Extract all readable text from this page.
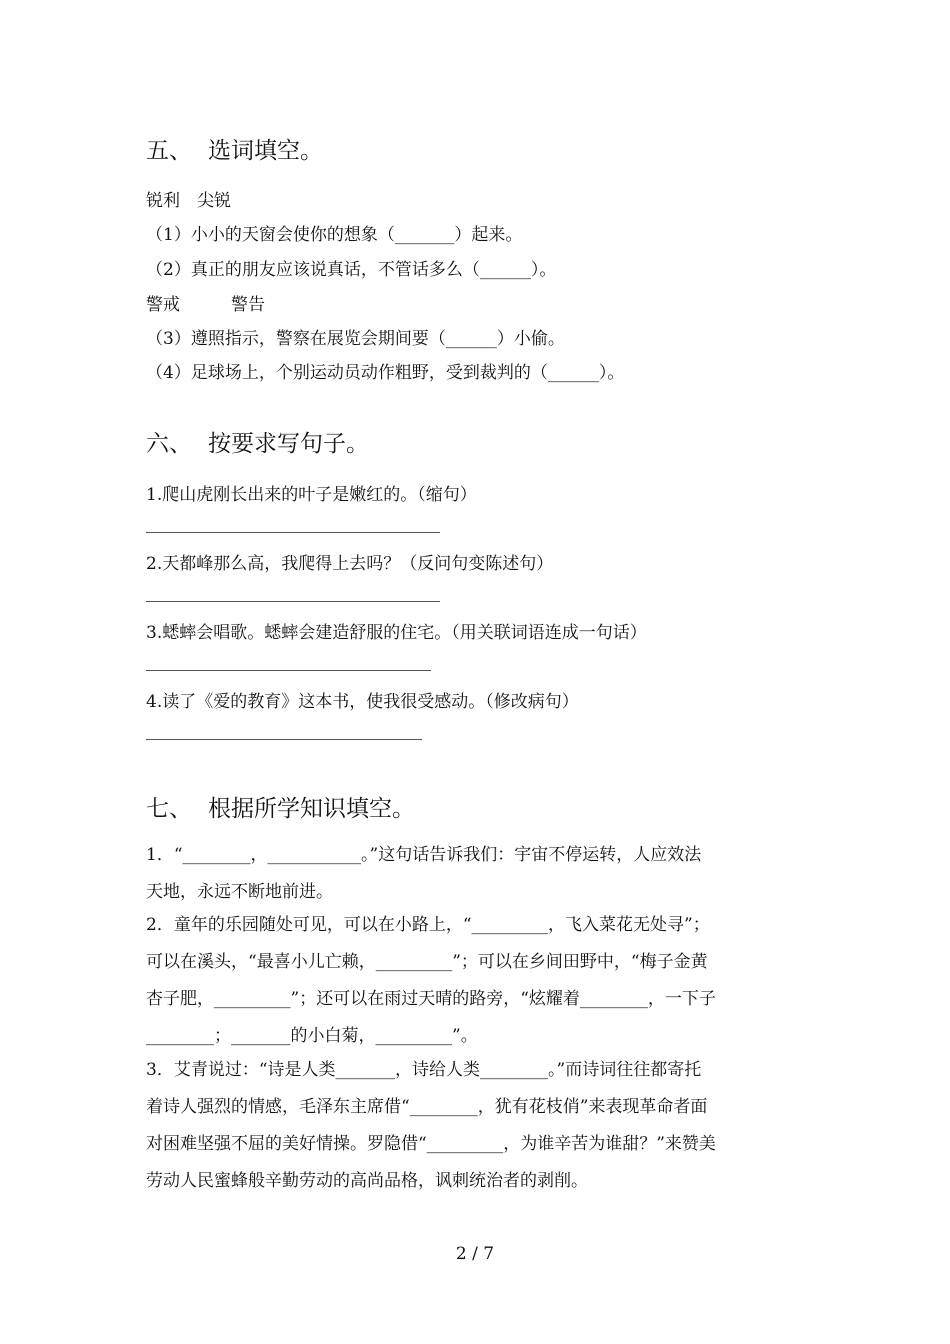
五、 选词填空。
锐利　尖锐
（1）小小的天窗会使你的想象（_______）起来。
（2）真正的朋友应该说真话，不管话多么（______）。
警戒　　　警告
（3）遵照指示，警察在展览会期间要（______）小偷。
（4）足球场上，个别运动员动作粗野，受到裁判的（______）。
六、 按要求写句子。
1.爬山虎刚长出来的叶子是嫩红的。（缩句）
2.天都峰那么高，我爬得上去吗？（反问句变陈述句）
3.蟋蟀会唱歌。蟋蟀会建造舒服的住宅。（用关联词语连成一句话）
4.读了《爱的教育》这本书，使我很受感动。（修改病句）
七、 根据所学知识填空。
1．“________，___________。”这句话告诉我们：宇宙不停运转，人应效法
天地，永远不断地前进。
2．童年的乐园随处可见，可以在小路上，“_________，飞入菜花无处寻”；
可以在溪头，“最喜小儿亡赖，_________”；可以在乡间田野中，“梅子金黄
杏子肥，_________”；还可以在雨过天晴的路旁，“炫耀着________，一下子
________；_______的小白菊，_________”。
3．艾青说过：“诗是人类_______，诗给人类________。”而诗词往往都寄托
着诗人强烈的情感，毛泽东主席借“________，犹有花枝俏”来表现革命者面
对困难坚强不屈的美好情操。罗隐借“_________，为谁辛苦为谁甜？”来赞美
劳动人民蜜蜂般辛勤劳动的高尚品格，讽刺统治者的剥削。
2 / 7
